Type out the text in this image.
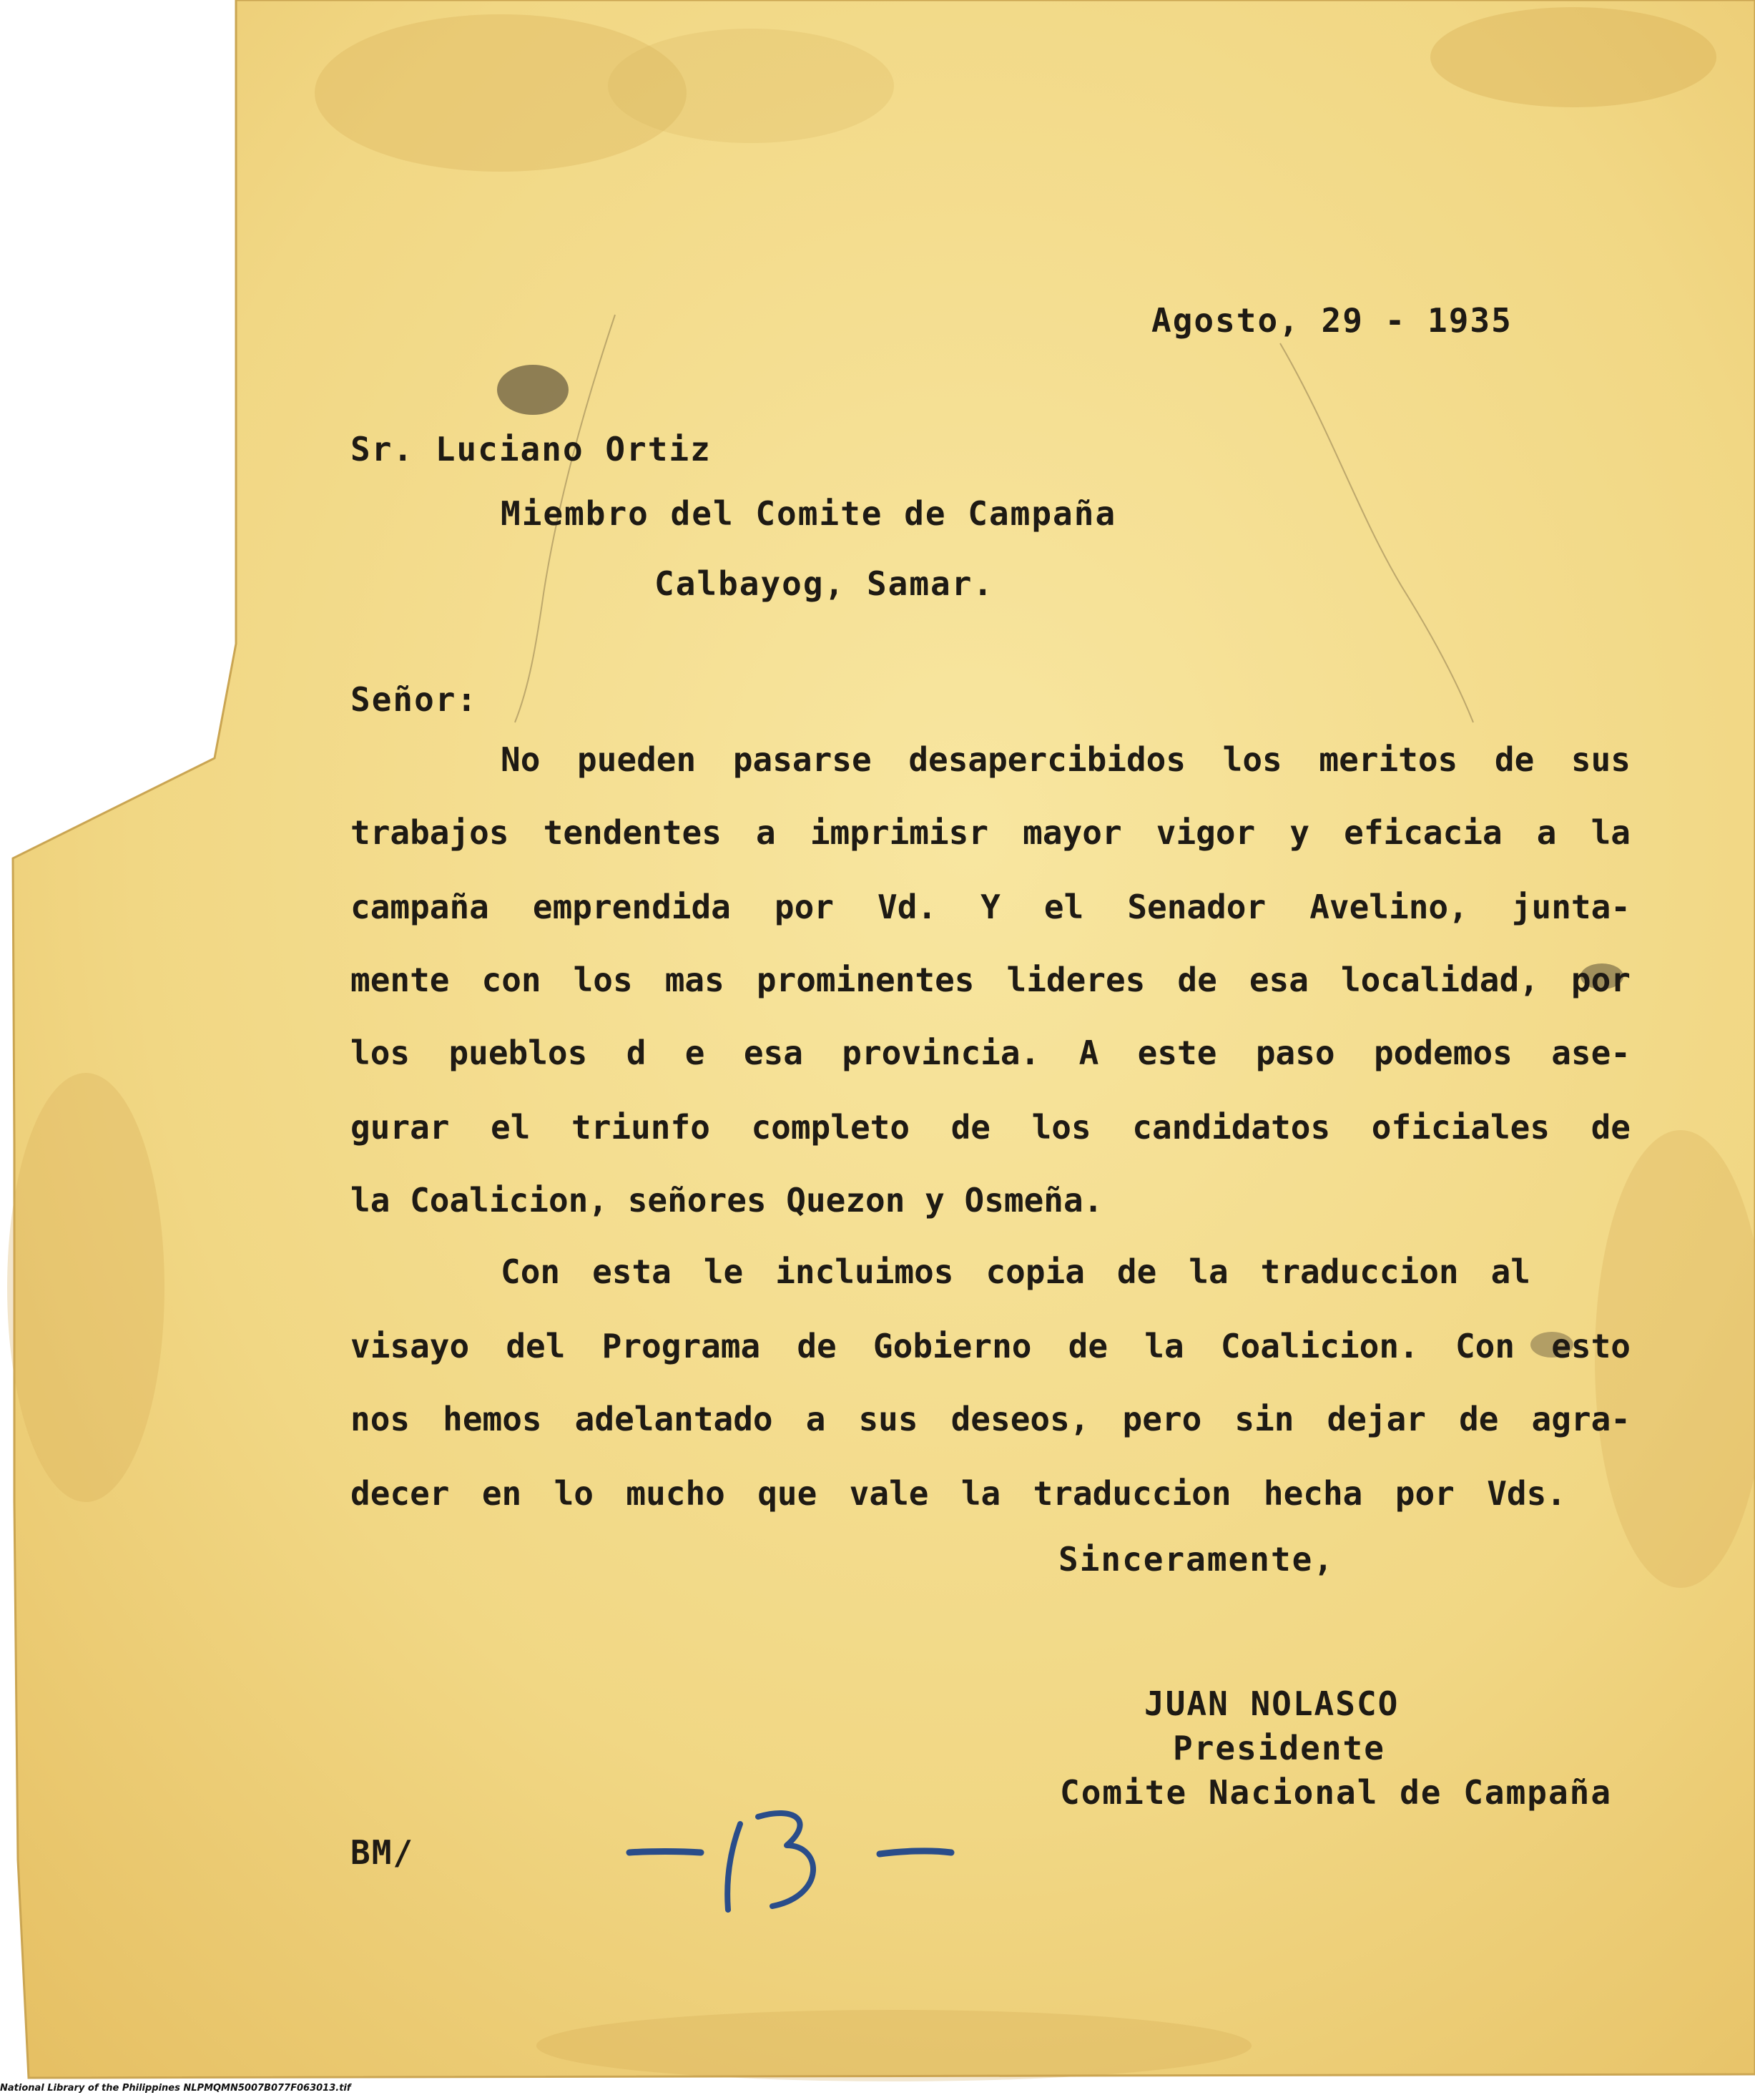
Agosto, 29 - 1935
Sr. Luciano Ortiz
Miembro del Comite de Campaña
Calbayog, Samar.
Señor:
No pueden pasarse desapercibidos los meritos de sus
trabajos tendentes a imprimisr mayor vigor y eficacia a la
campaña emprendida por Vd. Y el Senador Avelino, junta-
mente con los mas prominentes lideres de esa localidad, por
los pueblos d e esa provincia. A este paso podemos ase-
gurar el triunfo completo de los candidatos oficiales de
la Coalicion, señores Quezon y Osmeña.
Con esta le incluimos copia de la traduccion al
visayo del Programa de Gobierno de la Coalicion. Con esto
nos hemos adelantado a sus deseos, pero sin dejar de agra-
decer en lo mucho que vale la traduccion hecha por Vds.
Sinceramente,
JUAN NOLASCO
Presidente
Comite Nacional de Campaña
BM/
National Library of the Philippines NLPMQMN5007B077F063013.tif
